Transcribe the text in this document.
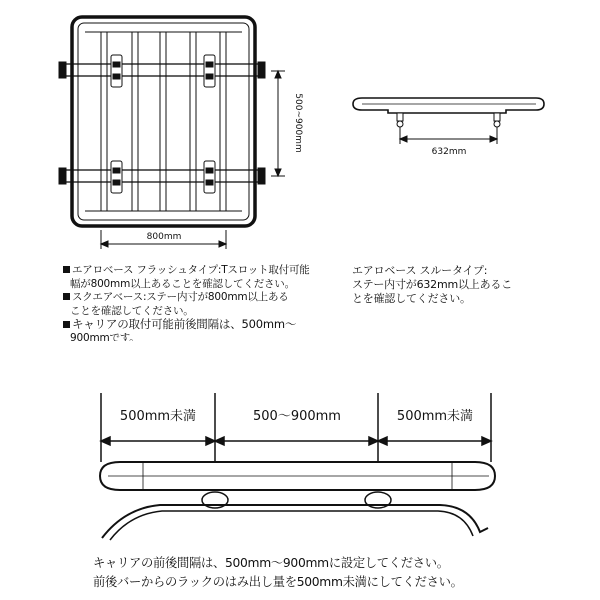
500~900mm
800mm

エアロベース フラッシュタイプ:Tスロット取付可能

幅が800mm以上あることを確認してください。

スクエアベース:ステー内寸が800mm以上ある

ことを確認してください。

キャリアの取付可能前後間隔は、500mm～

900mmです。

632mm

エアロベース スルータイプ:

ステー内寸が632mm以上あるこ

とを確認してください。

500mm未満	500～900mm	500mm未満
キャリアの前後間隔は、500mm～900mmに設定してください。
前後バーからのラックのはみ出し量を500mm未満にしてください。
